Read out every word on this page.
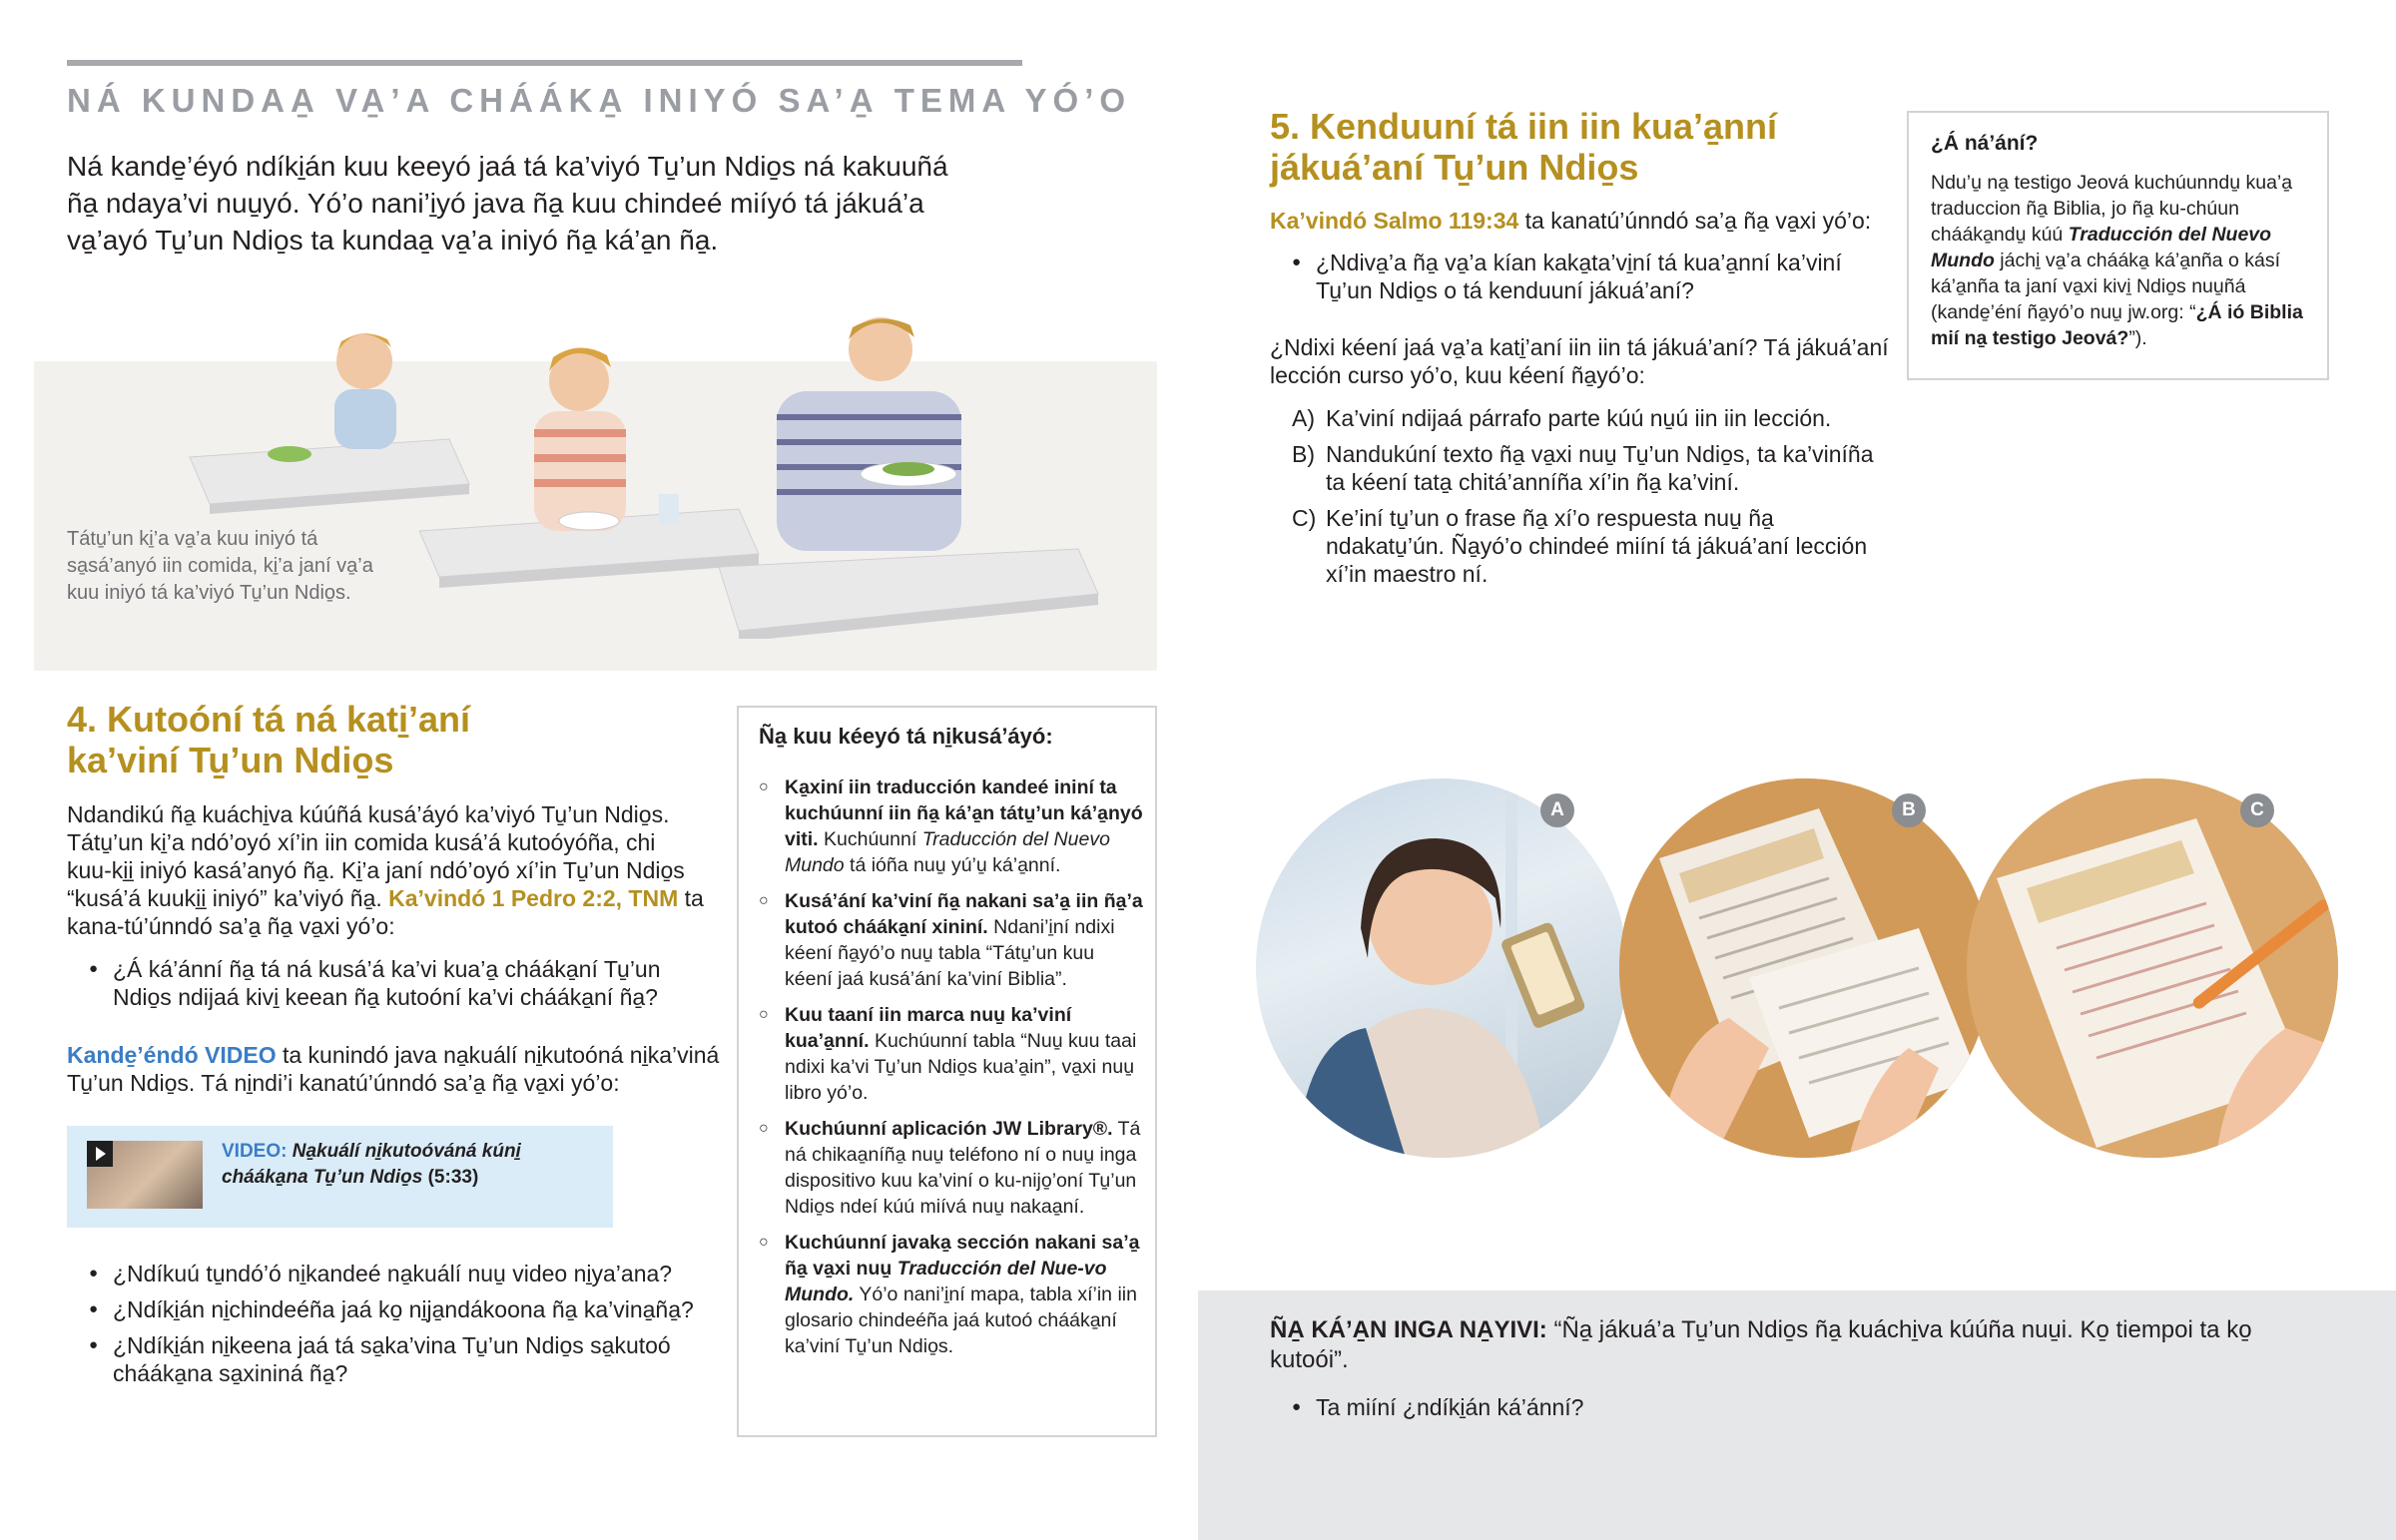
NÁ KUNDAA̱ VA̱’A CHÁÁKA̱ INIYÓ SA’A̱ TEMA YÓ’O
Ná kande̱’éyó ndíki̱án kuu keeyó jaá tá ka’viyó Tu̱’un Ndio̱s ná kakuuñá ña̱ ndaya’vi nuu̱yó. Yó’o nani’i̱yó java ña̱ kuu chindeé miíyó tá jákuá’a va̱’ayó Tu̱’un Ndio̱s ta kundaa̱ va̱’a iniyó ña̱ ká’a̱n ña̱.
Tátu̱’un ki̱’a va̱’a kuu iniyó tá sa̱sá’anyó iin comida, ki̱’a janí va̱’a kuu iniyó tá ka’viyó Tu̱’un Ndio̱s.
4. Kutoóní tá ná kati̱’aní
ka’viní Tu̱’un Ndio̱s
Ndandikú ña̱ kuáchi̱va kúúñá kusá’áyó ka’viyó Tu̱’un Ndio̱s. Tátu̱’un ki̱’a ndó’oyó xí’in iin comida kusá’á kutoóyóña, chi kuu-ki̱i̱ iniyó kasá’anyó ña̱. Ki̱’a janí ndó’oyó xí’in Tu̱’un Ndio̱s “kusá’á kuuki̱i̱ iniyó” ka’viyó ña̱. Ka’vindó 1 Pedro 2:2, TNM ta kana-tú’únndó sa’a̱ ña̱ va̱xi yó’o:
● ¿Á ká’ánní ña̱ tá ná kusá’á ka’vi kua’a̱ chááka̱ní Tu̱’un Ndio̱s ndijaá kivi̱ keean ña̱ kutoóní ka’vi chááka̱ní ña̱?
Kande̱’éndó VIDEO ta kunindó java na̱kuálí ni̱kutoóná ni̱ka’viná Tu̱’un Ndio̱s. Tá ni̱ndi’i kanatú’únndó sa’a̱ ña̱ va̱xi yó’o:
VIDEO: Na̱kuálí ni̱kutoóváná kúni̱ chááka̱na Tu̱’un Ndio̱s (5:33)
● ¿Ndíkuú tu̱ndó’ó ni̱kandeé na̱kuálí nuu̱ video ni̱ya’ana?
● ¿Ndíki̱án ni̱chindeéña jaá ko̱ ni̱ja̱ndákoona ña̱ ka’vina̱ña̱?
● ¿Ndíki̱án ni̱keena jaá tá sa̱ka’vina Tu̱’un Ndio̱s sa̱kutoó chááka̱na sa̱xininá ña̱?
Ña̱ kuu kéeyó tá ni̱kusá’áyó:
○ Ka̱xiní iin traducción kandeé ininí ta kuchúunní iin ña̱ ká’a̱n tátu̱’un ká’a̱nyó viti. Kuchúunní Traducción del Nuevo Mundo tá ióña nuu̱ yú’u̱ ká’a̱nní.
○ Kusá’ání ka’viní ña̱ nakani sa’a̱ iin ña̱’a kutoó chááka̱ní xininí. Ndani’i̱ní ndixi kéení ña̱yó’o nuu̱ tabla “Tátu̱’un kuu kéení jaá kusá’ání ka’viní Biblia”.
○ Kuu taaní iin marca nuu̱ ka’viní kua’a̱nní. Kuchúunní tabla “Nuu̱ kuu taai ndixi ka’vi Tu̱’un Ndio̱s kua’a̱in”, va̱xi nuu̱ libro yó’o.
○ Kuchúunní aplicación JW Library®. Tá ná chikaa̱níña̱ nuu̱ teléfono ní o nuu̱ inga dispositivo kuu ka’viní o ku-nijo̱’oní Tu̱’un Ndio̱s ndeí kúú miívá nuu̱ nakaa̱ní.
○ Kuchúunní javaka̱ sección nakani sa’a̱ ña̱ va̱xi nuu̱ Traducción del Nue-vo Mundo. Yó’o nani’i̱ní mapa, tabla xí’in iin glosario chindeéña jaá kutoó chááka̱ní ka’viní Tu̱’un Ndio̱s.
5. Kenduuní tá iin iin kua’a̱nní
jákuá’aní Tu̱’un Ndio̱s
Ka’vindó Salmo 119:34 ta kanatú’únndó sa’a̱ ña̱ va̱xi yó’o:
● ¿Ndiva̱’a ña̱ va̱’a kían kaka̱ta’vi̱ní tá kua’a̱nní ka’viní Tu̱’un Ndio̱s o tá kenduuní jákuá’aní?
¿Ndixi kéení jaá va̱’a kati̱’aní iin iin tá jákuá’aní? Tá jákuá’aní lección curso yó’o, kuu kéení ña̱yó’o:
A) Ka’viní ndijaá párrafo parte kúú nu̱ú iin iin lección.
B) Nandukúní texto ña̱ va̱xi nuu̱ Tu̱’un Ndio̱s, ta ka’viníña ta kéení tata̱ chitá’anníña xí’in ña̱ ka’viní.
C) Ke’iní tu̱’un o frase ña̱ xí’o respuesta nuu̱ ña̱ ndakatu̱’ún. Ña̱yó’o chindeé miíní tá jákuá’aní lección xí’in maestro ní.
¿Á ná’ání?
Ndu’u̱ na̱ testigo Jeová kuchúunndu̱ kua’a̱ traduccion ña̱ Biblia, jo ña̱ ku-chúun chááka̱ndu̱ kúú Traducción del Nuevo Mundo jáchi̱ va̱’a chááka̱ ká’a̱nña o kásí ká’a̱nña ta janí va̱xi kivi̱ Ndio̱s nuu̱ñá (kande̱’éní ña̱yó’o nuu̱ jw.org: “¿Á ió Biblia mií na̱ testigo Jeová?”).
A	B	C
ÑA̱ KÁ’A̱N INGA NA̱YIVI: “Ña̱ jákuá’a Tu̱’un Ndio̱s ña̱ kuáchi̱va kúúña nuu̱i. Ko̱ tiempoi ta ko̱ kutoói”.
● Ta miíní ¿ndíki̱án ká’ánní?
